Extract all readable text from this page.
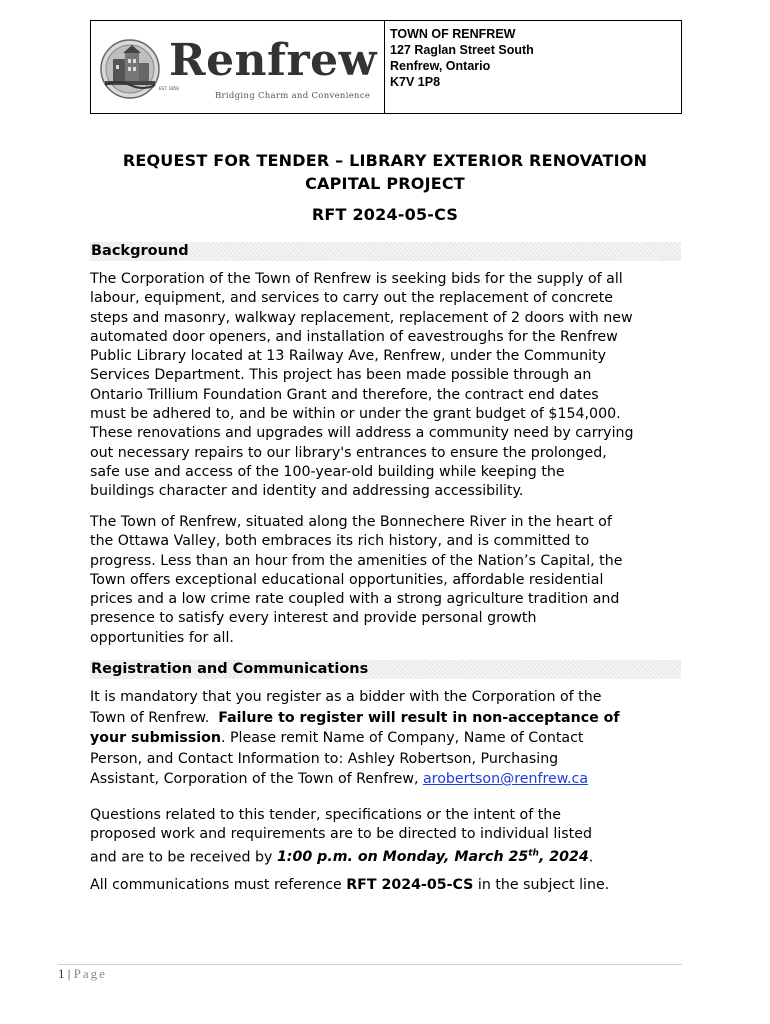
EST. 1858
Renfrew
Bridging Charm and Convenience
TOWN OF RENFREW
127 Raglan Street South
Renfrew, Ontario
K7V 1P8
REQUEST FOR TENDER – LIBRARY EXTERIOR RENOVATION
CAPITAL PROJECT
RFT 2024-05-CS
Background
The Corporation of the Town of Renfrew is seeking bids for the supply of all
labour, equipment, and services to carry out the replacement of concrete
steps and masonry, walkway replacement, replacement of 2 doors with new
automated door openers, and installation of eavestroughs for the Renfrew
Public Library located at 13 Railway Ave, Renfrew, under the Community
Services Department. This project has been made possible through an
Ontario Trillium Foundation Grant and therefore, the contract end dates
must be adhered to, and be within or under the grant budget of $154,000.
These renovations and upgrades will address a community need by carrying
out necessary repairs to our library's entrances to ensure the prolonged,
safe use and access of the 100-year-old building while keeping the
buildings character and identity and addressing accessibility.
The Town of Renfrew, situated along the Bonnechere River in the heart of
the Ottawa Valley, both embraces its rich history, and is committed to
progress. Less than an hour from the amenities of the Nation’s Capital, the
Town offers exceptional educational opportunities, affordable residential
prices and a low crime rate coupled with a strong agriculture tradition and
presence to satisfy every interest and provide personal growth
opportunities for all.
Registration and Communications
It is mandatory that you register as a bidder with the Corporation of the
Town of Renfrew.  Failure to register will result in non-acceptance of
your submission. Please remit Name of Company, Name of Contact
Person, and Contact Information to: Ashley Robertson, Purchasing
Assistant, Corporation of the Town of Renfrew, arobertson@renfrew.ca
Questions related to this tender, specifications or the intent of the
proposed work and requirements are to be directed to individual listed
and are to be received by 1:00 p.m. on Monday, March 25th, 2024.
All communications must reference RFT 2024-05-CS in the subject line.
1 | Page
